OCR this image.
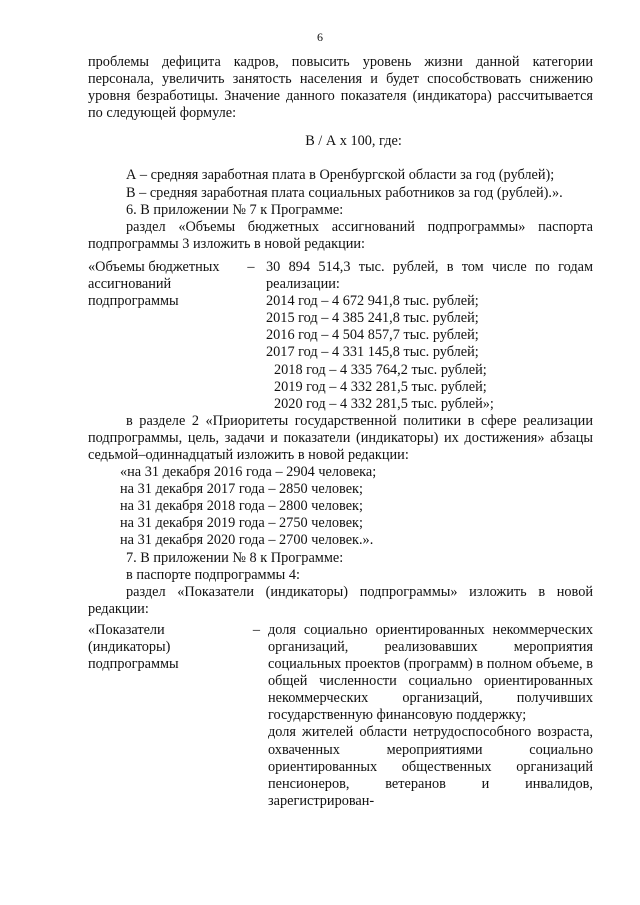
6

проблемы дефицита кадров, повысить уровень жизни данной категории персонала, увеличить занятость населения и будет способствовать снижению уровня безработицы. Значение данного показателя (индикатора) рассчитывается по следующей формуле:

В / А х 100, где:

А – средняя заработная плата в Оренбургской области за год (рублей);

В – средняя заработная плата социальных работников за год (рублей).».

6. В приложении № 7 к Программе:

раздел «Объемы бюджетных ассигнований подпрограммы» паспорта подпрограммы 3 изложить в новой редакции:

«Объемы бюджетных ассигнований подпрограммы
– 30 894 514,3 тыс. рублей, в том числе по годам реализации:

2014 год – 4 672 941,8 тыс. рублей;

2015 год – 4 385 241,8 тыс. рублей;

2016 год – 4 504 857,7 тыс. рублей;

2017 год – 4 331 145,8 тыс. рублей;

2018 год – 4 335 764,2 тыс. рублей;

2019 год – 4 332 281,5 тыс. рублей;

2020 год – 4 332 281,5 тыс. рублей»;

в разделе 2 «Приоритеты государственной политики в сфере реализации подпрограммы, цель, задачи и показатели (индикаторы) их достижения» абзацы седьмой–одиннадцатый изложить в новой редакции:

«на 31 декабря 2016 года – 2904 человека;

на 31 декабря 2017 года – 2850 человек;

на 31 декабря 2018 года – 2800 человек;

на 31 декабря 2019 года – 2750 человек;

на 31 декабря 2020 года – 2700 человек.».

7. В приложении № 8 к Программе:

в паспорте подпрограммы 4:

раздел «Показатели (индикаторы) подпрограммы» изложить в новой редакции:

«Показатели (индикаторы) подпрограммы
– доля социально ориентированных некоммерческих организаций, реализовавших мероприятия социальных проектов (программ) в полном объеме, в общей численности социально ориентированных некоммерческих организаций, получивших государственную финансовую поддержку;

доля жителей области нетрудоспособного возраста, охваченных мероприятиями социально ориентированных общественных организаций пенсионеров, ветеранов и инвалидов, зарегистрирован-
